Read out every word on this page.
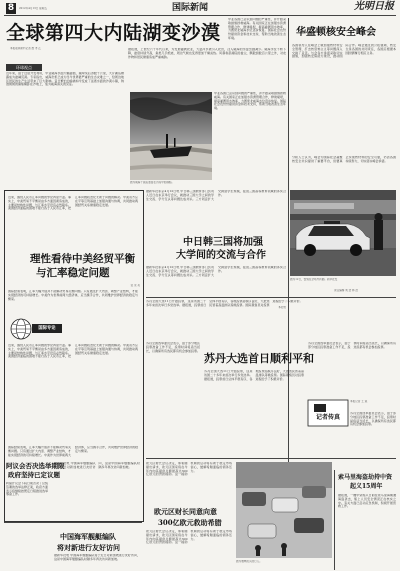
8	2012年4月13日 星期五	国际新闻	光明日报
全球第四大内陆湖变沙漠
本报驻莫斯科记者 殷 孝 江
环球视点
近年来，由于过度开发利用，中亚咸海水面大幅萎缩，湖岸线后退数十公里，大片湖底裸露成为盐碱荒漠。专家指出，咸海危机已成为当今世界最严重的生态灾难之一，给周边地区居民的生产生活带来了巨大影响。昔日繁忙的渔港如今变成了远离水面的沙漠小镇，锈迹斑斑的渔船横卧在沙地上，成为咸海消失的见证。
据报道，上世纪六十年代以来，为发展灌溉农业，大量河水被引入农田，注入咸海的水量急剧减少。咸海水位不断下降，盐度持续升高，鱼类几乎绝迹，周边气候也变得更加干燥炎热。风暴卷起湖底的盐尘，飘散到数百公里之外，对农作物和居民健康造成严重威胁。
中亚各国已意识到问题的严重性，并开始采取措施拯救咸海。有关国家正在加强水资源管理合作，修建堤坝，提高灌溉用水效率，力图使北咸海水位逐步恢复。国际社会也纷纷提供资金和技术支持，帮助当地改善生态环境。
图为咸海干涸后遗留在沙漠中的渔船。
中亚各国已意识到问题的严重性，并开始采取措施拯救咸海。有关国家正在加强水资源管理合作，修建堤坝，提高灌溉用水效率，力图使北咸海水位逐步恢复。国际社会也纷纷提供资金和技术支持，帮助当地改善生态环境。	华盛顿核安全峰会
各国领导人在峰会上就加强核材料安全管理、打击核恐怖主义等问题深入交换了意见。与会各方承诺采取切实措施，加强核安保能力建设，推动国际合作。峰会通过的公报强调，核安全是各国的共同责任，各国应根据本国国情履行相应义务。
分析人士认为，峰会为国际社会凝聚核安全共识提供了重要平台，但要真正实现核材料的安全可靠，仍需各国持续努力，切实落实峰会承诺。
近来，围绕人民币汇率问题的争论再度升温。事实上，中美贸易不平衡是由多方面因素造成的，主要是结构性问题，与汇率水平没有必然联系。美国经济面临的困难不能归咎于人民币汇率，把汇率问题政治化无助于问题的解决。中美双方应在平等互利基础上加强沟通与协调，共同推动两国经贸关系健康稳定发展。
理性看待中美经贸平衡
与汇率稳定问题
张 永 亮
国际经验表明，汇率大幅升值并不能解决贸易失衡问题。只有通过扩大内需、调整产业结构，才能实现经济的可持续增长。中美作为世界前两大经济体，应当携手合作，共同维护世界经济的稳定与繁荣。
国际专论
近来，围绕人民币汇率问题的争论再度升温。事实上，中美贸易不平衡是由多方面因素造成的，主要是结构性问题，与汇率水平没有必然联系。美国经济面临的困难不能归咎于人民币汇率，把汇率问题政治化无助于问题的解决。中美双方应在平等互利基础上加强沟通与协调，共同推动两国经贸关系健康稳定发展。
国际经验表明，汇率大幅升值并不能解决贸易失衡问题。只有通过扩大内需、调整产业结构，才能实现经济的可持续增长。中美作为世界前两大经济体，应当携手合作，共同维护世界经济的稳定与繁荣。
据新华社东京4月12日电 中日韩三国教育部门负责人近日在东京举行会议，就推动三国大学之间的学生交流、学分互认等问题达成共识。三方同意扩大交换留学生规模，促进三国高等教育领域的务实合作。
中日韩三国将加强
大学间的交流与合作
据新华社东京4月12日电 中日韩三国教育部门负责人近日在东京举行会议，就推动三国大学之间的学生交流、学分互认等问题达成共识。三方同意扩大交换留学生规模，促进三国高等教育领域的务实合作。
本社电
图为12日，警察在会场外执勤。新华社发
责任编辑 刘 浩 林 洁
苏丹全国大选11日开始投票，这是该国二十多年来首次举行多党选举。据报道，投票首日总体平稳有序，各地投票站秩序良好，大批选民冒着高温排队等候投票。国际观察员对投票进程给予了积极评价。
苏丹大选首日顺利平和
苏丹全国选举委员会表示，由于部分地区投票准备工作不足，投票时间将适当延长，以确保所有选民都有机会参加投票。
苏丹全国大选11日开始投票，这是该国二十多年来首次举行多党选举。据报道，投票首日总体平稳有序，各地投票站秩序良好，大批选民冒着高温排队等候投票。国际观察员对投票进程给予了积极评价。
记者传真
本报记者 王 斌
苏丹全国选举委员会表示，由于部分地区投票准备工作不足，投票时间将适当延长，以确保所有选民都有机会参加投票。
苏丹全国选举委员会表示，由于部分地区投票准备工作不足，投票时间将适当延长，以确保所有选民都有机会参加投票。
阿议会否决选举期限
政府坚持已定议题
阿富汗议会下院日前否决了总统签署的选举法修正案，政府方面表示将继续按既定日程推进选举筹备工作。
据新华社电 中国海军舰艇编队将于近日对新加坡进行友好访问，这是中国海军舰艇编队时隔多年再次访问新加坡。
中国海军舰艇编队
将对新进行友好访问
据新华社电 中国海军舰艇编队将于近日对新加坡进行友好访问，这是中国海军舰艇编队时隔多年再次访问新加坡。
欧元区财长会议决定，如希腊提出请求，欧元区国家将在今年内向其提供总额最高达300亿欧元的贷款援助。这一援助机制的启动将有助于稳定市场信心，缓解希腊面临的债务压力。
欧元区财长同意向意
300亿欧元救助希腊
欧元区财长会议决定，如希腊提出请求，欧元区国家将在今年内向其提供总额最高达300亿欧元的贷款援助。这一援助机制的启动将有助于稳定市场信心，缓解希腊面临的债务压力。
图为雅典街头的行人。
索马里海盗劫持中资
起义15周年
据报道，一艘中资船只日前在索马里海域遭海盗袭击，船上人员安全情况正在核实之中。有关方面已启动应急机制，积极开展营救工作。
